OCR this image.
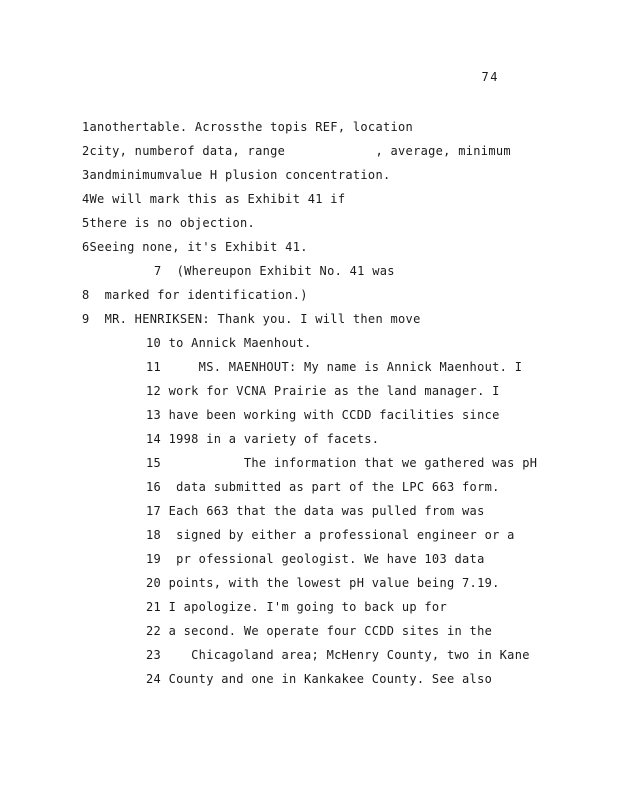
74
1anothertable. Acrossthe topis REF, location
2city, numberof data, range            , average, minimum
3andminimumvalue H plusion concentration.
4We will mark this as Exhibit 41 if
5there is no objection.
6Seeing none, it's Exhibit 41.
7  (Whereupon Exhibit No. 41 was
8  marked for identification.)
9  MR. HENRIKSEN: Thank you. I will then move
10 to Annick Maenhout.
11     MS. MAENHOUT: My name is Annick Maenhout. I
12 work for VCNA Prairie as the land manager. I
13 have been working with CCDD facilities since
14 1998 in a variety of facets.
15           The information that we gathered was pH
16  data submitted as part of the LPC 663 form.
17 Each 663 that the data was pulled from was
18  signed by either a professional engineer or a
19  pr ofessional geologist. We have 103 data
20 points, with the lowest pH value being 7.19.
21 I apologize. I'm going to back up for
22 a second. We operate four CCDD sites in the
23    Chicagoland area; McHenry County, two in Kane
24 County and one in Kankakee County. See also
